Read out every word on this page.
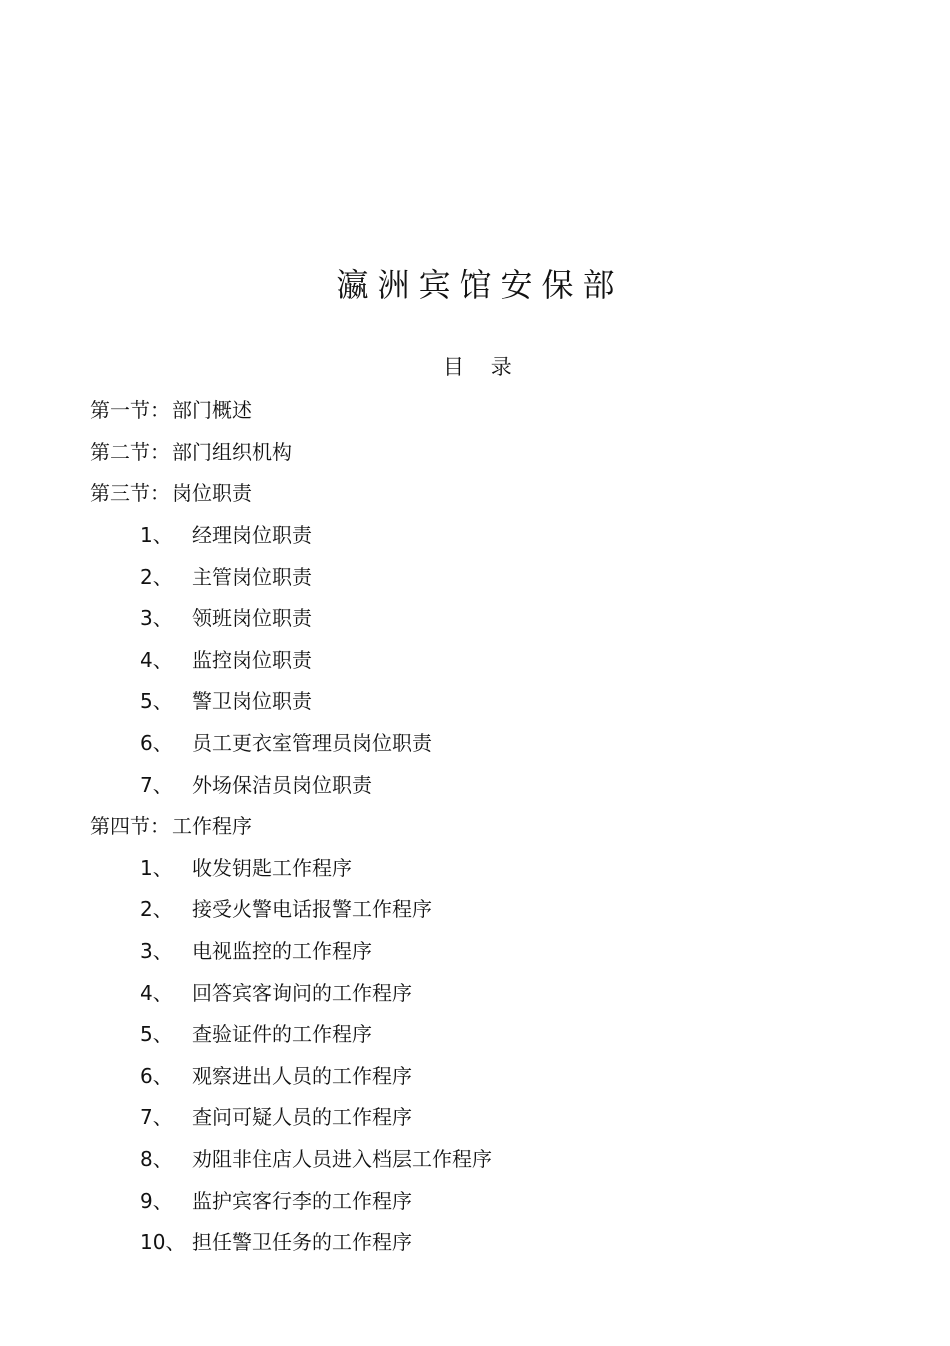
瀛洲宾馆安保部
目    录
第一节： 部门概述
第二节： 部门组织机构
第三节： 岗位职责
1、 经理岗位职责
2、 主管岗位职责
3、 领班岗位职责
4、 监控岗位职责
5、 警卫岗位职责
6、 员工更衣室管理员岗位职责
7、 外场保洁员岗位职责
第四节： 工作程序
1、 收发钥匙工作程序
2、 接受火警电话报警工作程序
3、 电视监控的工作程序
4、 回答宾客询问的工作程序
5、 查验证件的工作程序
6、 观察进出人员的工作程序
7、 查问可疑人员的工作程序
8、 劝阻非住店人员进入档层工作程序
9、 监护宾客行李的工作程序
10、 担任警卫任务的工作程序
